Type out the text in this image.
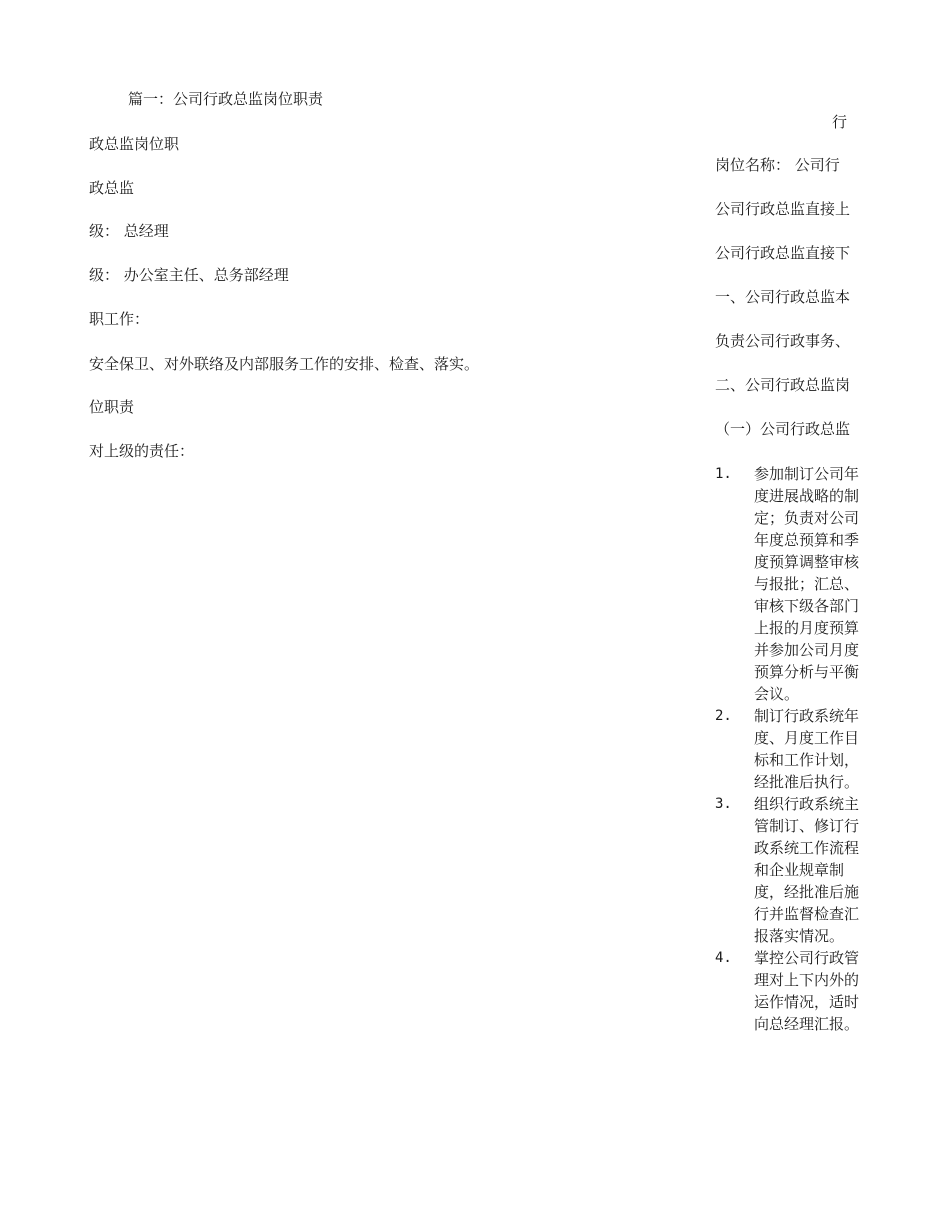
篇一：公司行政总监岗位职责
政总监岗位职
政总监
级： 总经理
级： 办公室主任、总务部经理
职工作：
安全保卫、对外联络及内部服务工作的安排、检查、落实。
位职责
对上级的责任：
行
岗位名称： 公司行
公司行政总监直接上
公司行政总监直接下
一、公司行政总监本
负责公司行政事务、
二、公司行政总监岗
（一）公司行政总监
1.	参加制订公司年度进展战略的制定；负责对公司年度总预算和季度预算调整审核与报批；汇总、审核下级各部门上报的月度预算并参加公司月度预算分析与平衡会议。
2.	制订行政系统年度、月度工作目标和工作计划，经批准后执行。
3.	组织行政系统主管制订、修订行政系统工作流程和企业规章制度，经批准后施行并监督检查汇报落实情况。
4.	掌控公司行政管理对上下内外的运作情况，适时向总经理汇报。
